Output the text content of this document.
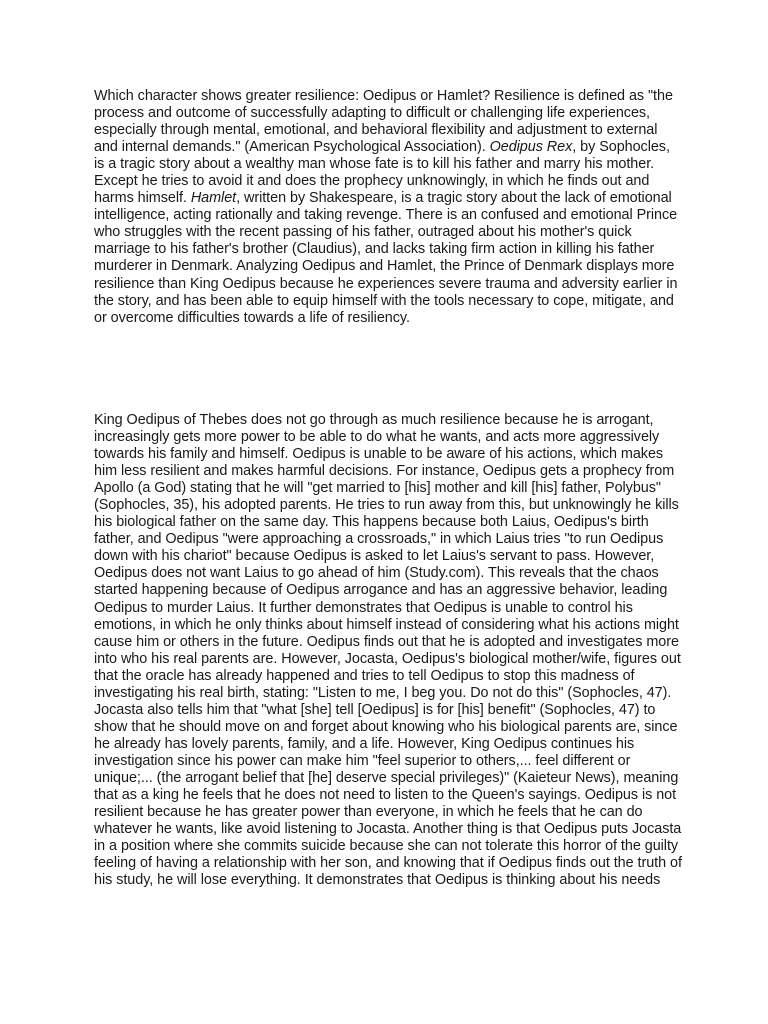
Which character shows greater resilience: Oedipus or Hamlet? Resilience is defined as "the process and outcome of successfully adapting to difficult or challenging life experiences, especially through mental, emotional, and behavioral flexibility and adjustment to external and internal demands." (American Psychological Association). Oedipus Rex, by Sophocles, is a tragic story about a wealthy man whose fate is to kill his father and marry his mother. Except he tries to avoid it and does the prophecy unknowingly, in which he finds out and harms himself. Hamlet, written by Shakespeare, is a tragic story about the lack of emotional intelligence, acting rationally and taking revenge. There is an confused and emotional Prince who struggles with the recent passing of his father, outraged about his mother's quick marriage to his father's brother (Claudius), and lacks taking firm action in killing his father murderer in Denmark. Analyzing Oedipus and Hamlet, the Prince of Denmark displays more resilience than King Oedipus because he experiences severe trauma and adversity earlier in the story, and has been able to equip himself with the tools necessary to cope, mitigate, and or overcome difficulties towards a life of resiliency.

King Oedipus of Thebes does not go through as much resilience because he is arrogant, increasingly gets more power to be able to do what he wants, and acts more aggressively towards his family and himself. Oedipus is unable to be aware of his actions, which makes him less resilient and makes harmful decisions. For instance, Oedipus gets a prophecy from Apollo (a God) stating that he will "get married to [his] mother and kill [his] father, Polybus" (Sophocles, 35), his adopted parents. He tries to run away from this, but unknowingly he kills his biological father on the same day. This happens because both Laius, Oedipus's birth father, and Oedipus "were approaching a crossroads," in which Laius tries "to run Oedipus down with his chariot" because Oedipus is asked to let Laius's servant to pass. However, Oedipus does not want Laius to go ahead of him (Study.com). This reveals that the chaos started happening because of Oedipus arrogance and has an aggressive behavior, leading Oedipus to murder Laius. It further demonstrates that Oedipus is unable to control his emotions, in which he only thinks about himself instead of considering what his actions might cause him or others in the future. Oedipus finds out that he is adopted and investigates more into who his real parents are. However, Jocasta, Oedipus's biological mother/wife, figures out that the oracle has already happened and tries to tell Oedipus to stop this madness of investigating his real birth, stating: "Listen to me, I beg you. Do not do this" (Sophocles, 47). Jocasta also tells him that "what [she] tell [Oedipus] is for [his] benefit" (Sophocles, 47) to show that he should move on and forget about knowing who his biological parents are, since he already has lovely parents, family, and a life. However, King Oedipus continues his investigation since his power can make him "feel superior to others,... feel different or unique;... (the arrogant belief that [he] deserve special privileges)" (Kaieteur News), meaning that as a king he feels that he does not need to listen to the Queen's sayings. Oedipus is not resilient because he has greater power than everyone, in which he feels that he can do whatever he wants, like avoid listening to Jocasta. Another thing is that Oedipus puts Jocasta in a position where she commits suicide because she can not tolerate this horror of the guilty feeling of having a relationship with her son, and knowing that if Oedipus finds out the truth of his study, he will lose everything. It demonstrates that Oedipus is thinking about his needs
